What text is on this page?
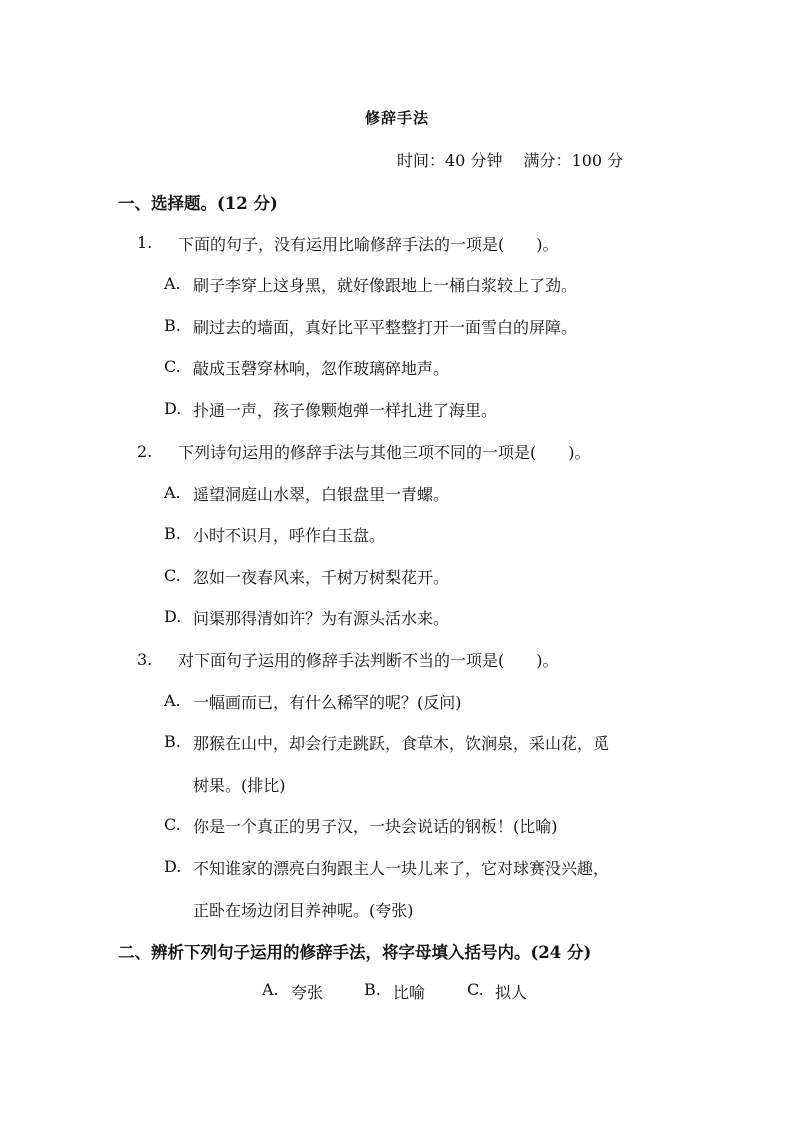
修辞手法
时间：40 分钟　 满分：100 分
一、选择题。(12 分)
1. 下面的句子，没有运用比喻修辞手法的一项是(　　)。
A. 刷子李穿上这身黑，就好像跟地上一桶白浆较上了劲。
B. 刷过去的墙面，真好比平平整整打开一面雪白的屏障。
C. 敲成玉磬穿林响，忽作玻璃碎地声。
D. 扑通一声，孩子像颗炮弹一样扎进了海里。
2. 下列诗句运用的修辞手法与其他三项不同的一项是(　　)。
A. 遥望洞庭山水翠，白银盘里一青螺。
B. 小时不识月，呼作白玉盘。
C. 忽如一夜春风来，千树万树梨花开。
D. 问渠那得清如许？为有源头活水来。
3. 对下面句子运用的修辞手法判断不当的一项是(　　)。
A. 一幅画而已，有什么稀罕的呢？(反问)
B. 那猴在山中，却会行走跳跃，食草木，饮涧泉，采山花，觅
树果。(排比)
C. 你是一个真正的男子汉，一块会说话的钢板！(比喻)
D. 不知谁家的漂亮白狗跟主人一块儿来了，它对球赛没兴趣，
正卧在场边闭目养神呢。(夸张)
二、辨析下列句子运用的修辞手法，将字母填入括号内。(24 分)
A. 夸张	B. 比喻	C. 拟人
